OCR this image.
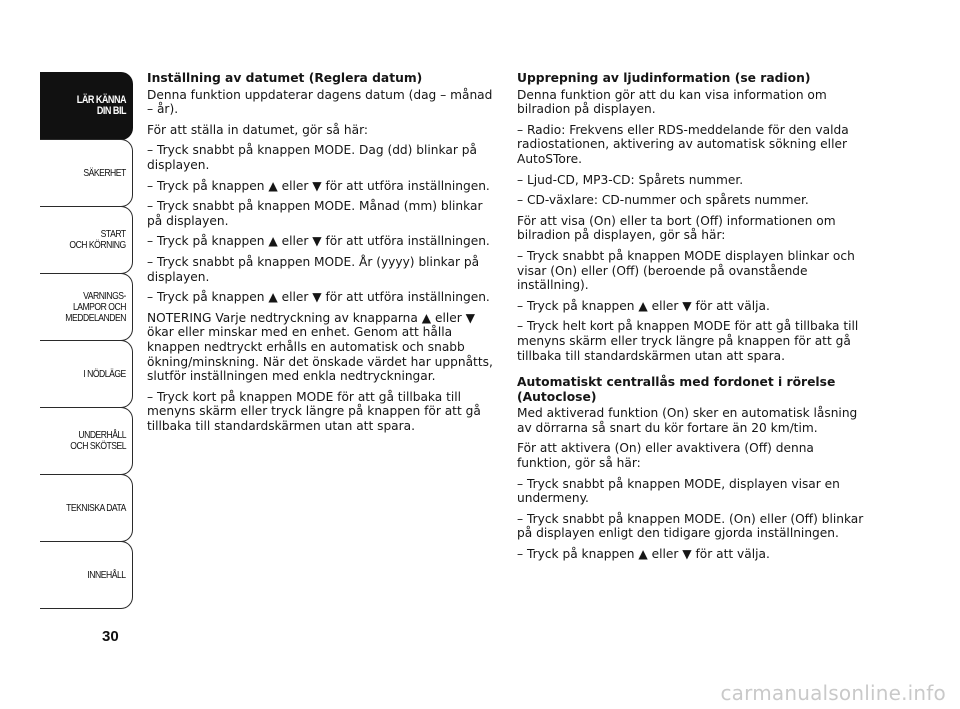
LÄR KÄNNA
DIN BIL
SÄKERHET
START
OCH KÖRNING
VARNINGS-
LAMPOR OCH
MEDDELANDEN
I NÖDLÄGE
UNDERHÅLL
OCH SKÖTSEL
TEKNISKA DATA
INNEHÅLL
30
Inställning av datumet (Reglera datum)

Denna funktion uppdaterar dagens datum (dag – månad – år).

För att ställa in datumet, gör så här:

– Tryck snabbt på knappen MODE. Dag (dd) blinkar på displayen.

– Tryck på knappen ▲ eller ▼ för att utföra inställningen.

– Tryck snabbt på knappen MODE. Månad (mm) blinkar på displayen.

– Tryck på knappen ▲ eller ▼ för att utföra inställningen.

– Tryck snabbt på knappen MODE. År (yyyy) blinkar på displayen.

– Tryck på knappen ▲ eller ▼ för att utföra inställningen.

NOTERING Varje nedtryckning av knapparna ▲ eller ▼ ökar eller minskar med en enhet. Genom att hålla knappen nedtryckt erhålls en automatisk och snabb ökning/minskning. När det önskade värdet har uppnåtts, slutför inställningen med enkla nedtryckningar.

– Tryck kort på knappen MODE för att gå tillbaka till menyns skärm eller tryck längre på knappen för att gå tillbaka till standardskärmen utan att spara.

Upprepning av ljudinformation (se radion)

Denna funktion gör att du kan visa information om bilradion på displayen.

– Radio: Frekvens eller RDS-meddelande för den valda radiostationen, aktivering av automatisk sökning eller AutoSTore.

– Ljud-CD, MP3-CD: Spårets nummer.

– CD-växlare: CD-nummer och spårets nummer.

För att visa (On) eller ta bort (Off) informationen om bilradion på displayen, gör så här:

– Tryck snabbt på knappen MODE displayen blinkar och visar (On) eller (Off) (beroende på ovanstående inställning).

– Tryck på knappen ▲ eller ▼ för att välja.

– Tryck helt kort på knappen MODE för att gå tillbaka till menyns skärm eller tryck längre på knappen för att gå tillbaka till standardskärmen utan att spara.

Automatiskt centrallås med fordonet i rörelse (Autoclose)

Med aktiverad funktion (On) sker en automatisk låsning av dörrarna så snart du kör fortare än 20 km/tim.

För att aktivera (On) eller avaktivera (Off) denna funktion, gör så här:

– Tryck snabbt på knappen MODE, displayen visar en undermeny.

– Tryck snabbt på knappen MODE. (On) eller (Off) blinkar på displayen enligt den tidigare gjorda inställningen.

– Tryck på knappen ▲ eller ▼ för att välja.

carmanualsonline.info
